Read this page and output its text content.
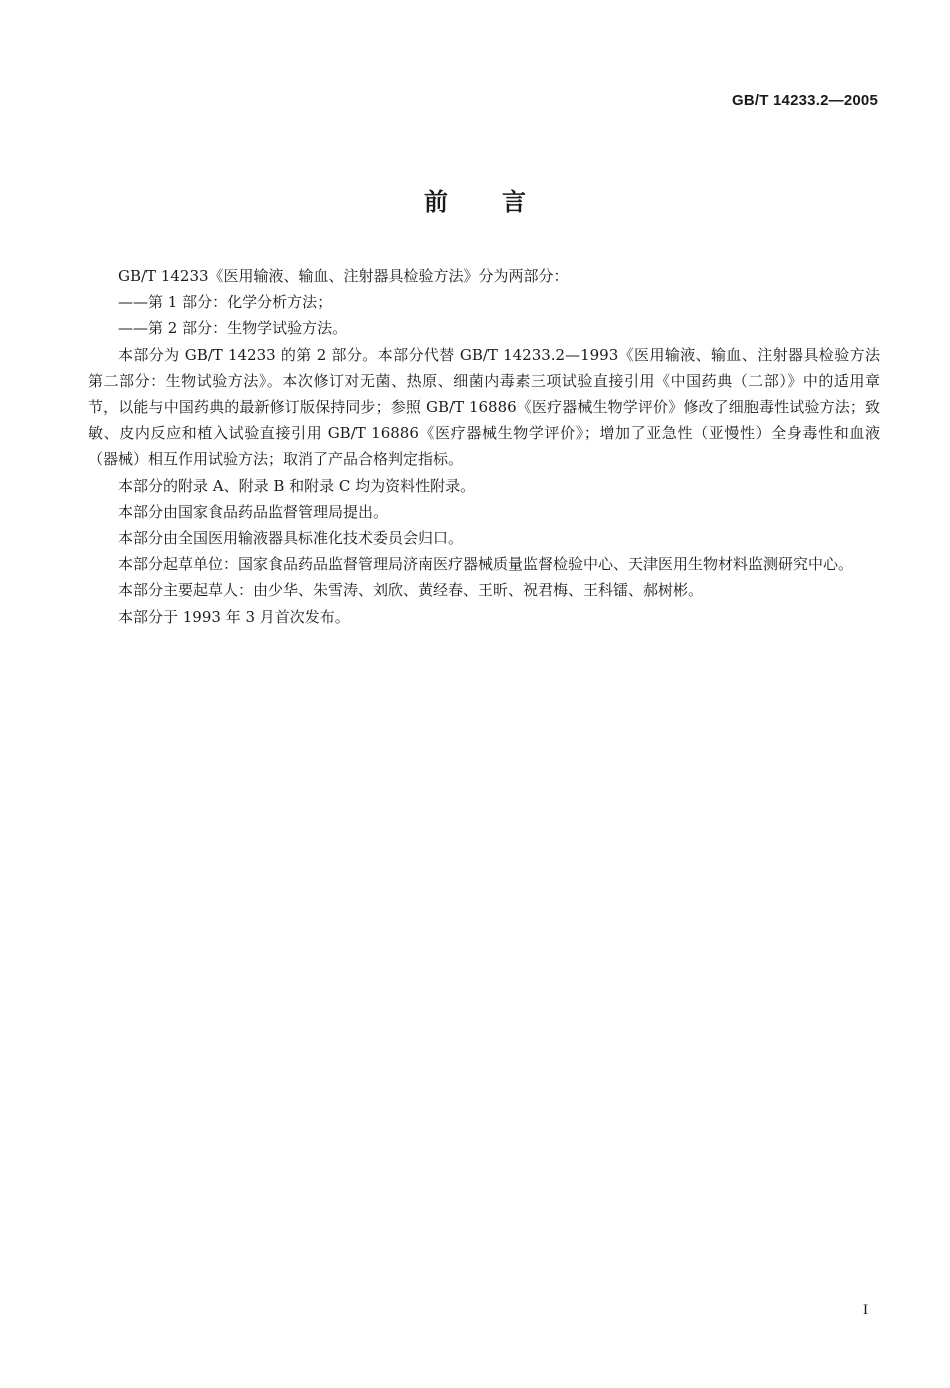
GB/T 14233.2—2005
前言

GB/T 14233《医用输液、输血、注射器具检验方法》分为两部分：

——第 1 部分：化学分析方法；

——第 2 部分：生物学试验方法。

本部分为 GB/T 14233 的第 2 部分。本部分代替 GB/T 14233.2—1993《医用输液、输血、注射器具检验方法　第二部分：生物试验方法》。本次修订对无菌、热原、细菌内毒素三项试验直接引用《中国药典（二部）》中的适用章节，以能与中国药典的最新修订版保持同步；参照 GB/T 16886《医疗器械生物学评价》修改了细胞毒性试验方法；致敏、皮内反应和植入试验直接引用 GB/T 16886《医疗器械生物学评价》；增加了亚急性（亚慢性）全身毒性和血液（器械）相互作用试验方法；取消了产品合格判定指标。

本部分的附录 A、附录 B 和附录 C 均为资料性附录。

本部分由国家食品药品监督管理局提出。

本部分由全国医用输液器具标准化技术委员会归口。

本部分起草单位：国家食品药品监督管理局济南医疗器械质量监督检验中心、天津医用生物材料监测研究中心。

本部分主要起草人：由少华、朱雪涛、刘欣、黄经春、王昕、祝君梅、王科镭、郝树彬。

本部分于 1993 年 3 月首次发布。

I
